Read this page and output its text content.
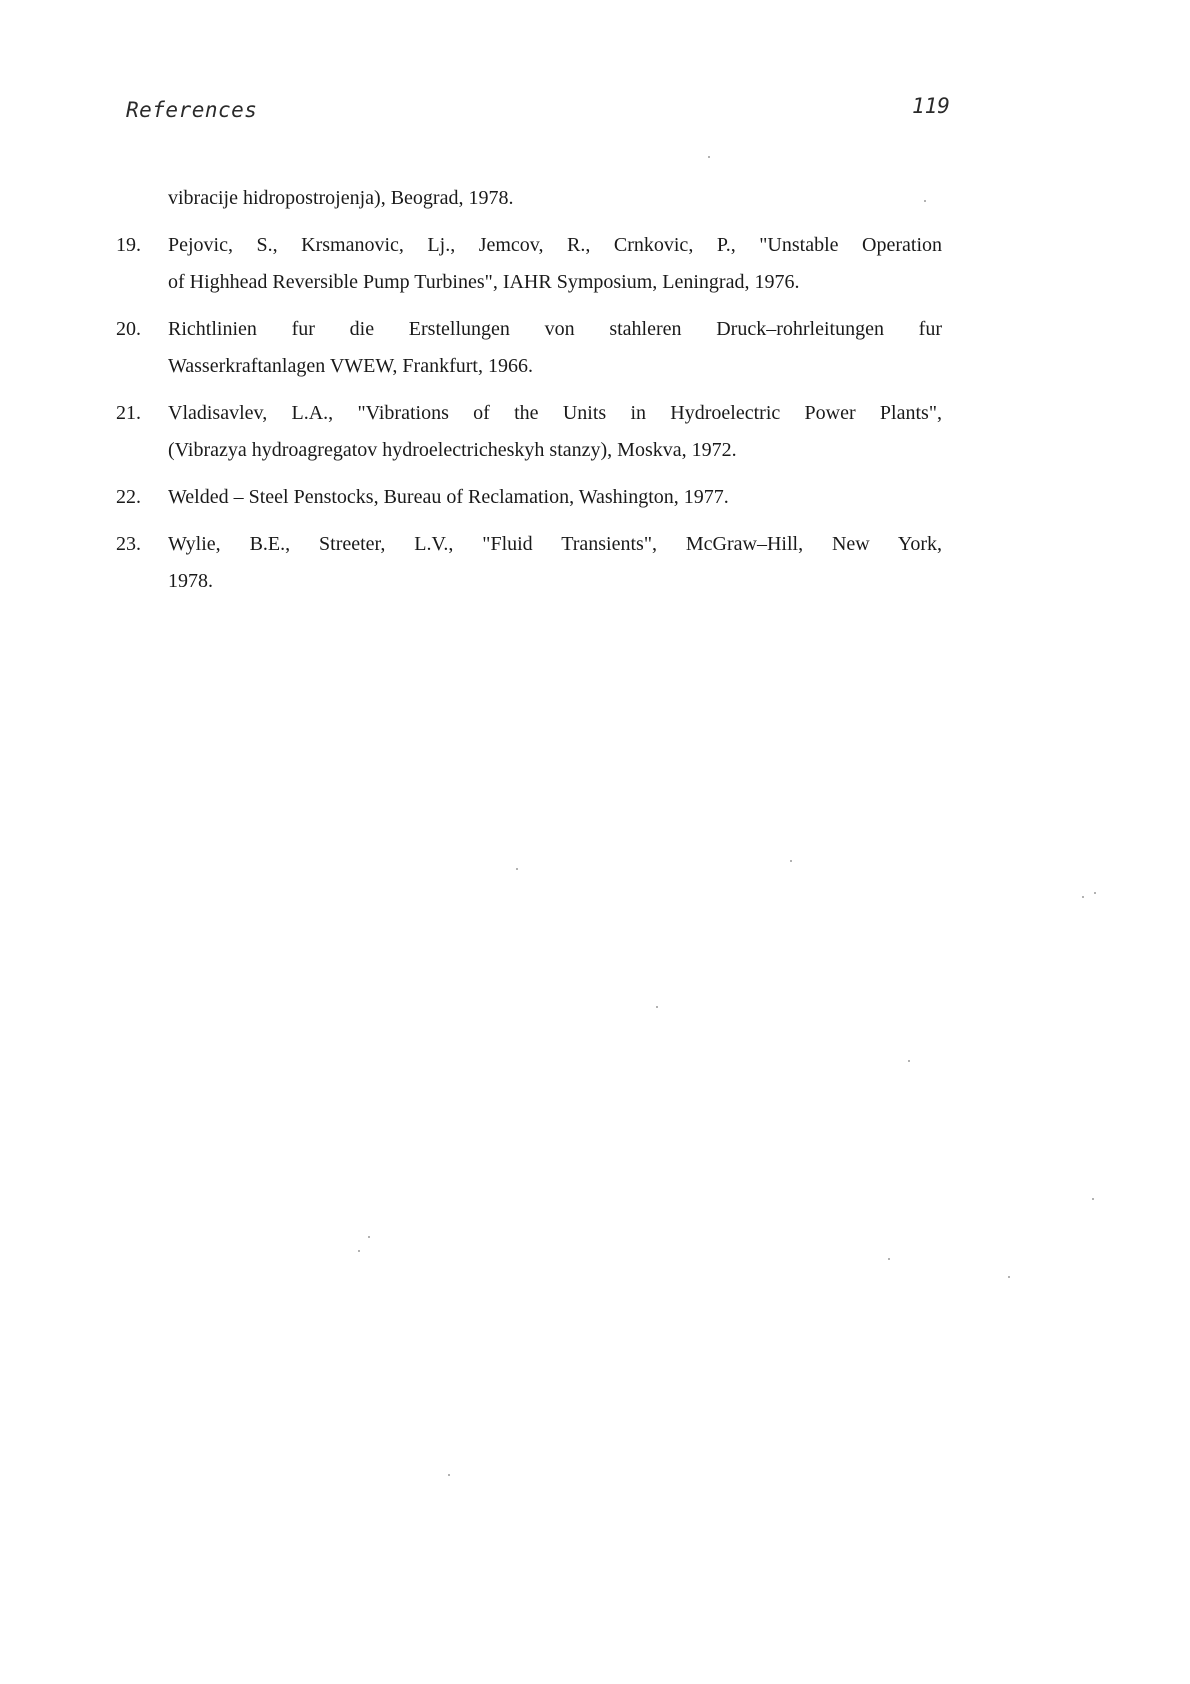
References	119
vibracije hidropostrojenja), Beograd, 1978.
19. Pejovic, S., Krsmanovic, Lj., Jemcov, R., Crnkovic, P., "Unstable Operation
of Highhead Reversible Pump Turbines", IAHR Symposium, Leningrad, 1976.
20. Richtlinien fur die Erstellungen von stahleren Druck–rohrleitungen fur
Wasserkraftanlagen VWEW, Frankfurt, 1966.
21. Vladisavlev, L.A., "Vibrations of the Units in Hydroelectric Power Plants",
(Vibrazya hydroagregatov hydroelectricheskyh stanzy), Moskva, 1972.
22. Welded – Steel Penstocks, Bureau of Reclamation, Washington, 1977.
23. Wylie, B.E., Streeter, L.V., "Fluid Transients", McGraw–Hill, New York,
1978.
